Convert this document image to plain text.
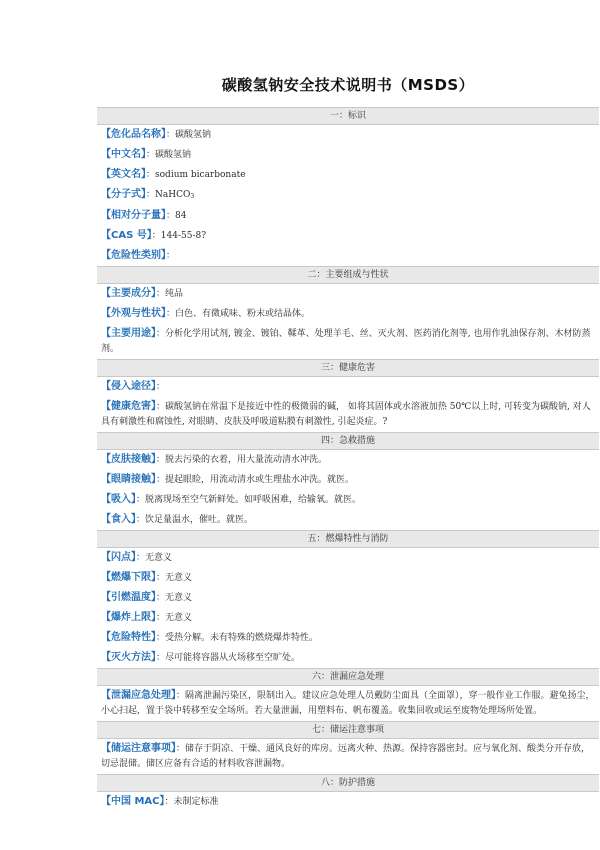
碳酸氢钠安全技术说明书（MSDS）
一：标识
【危化品名称】：碳酸氢钠
【中文名】：碳酸氢钠
【英文名】：sodium bicarbonate
【分子式】：NaHCO3
【相对分子量】：84
【CAS 号】：144-55-8?
【危险性类别】：
二：主要组成与性状
【主要成分】：纯品
【外观与性状】：白色、有微咸味、粉末或结晶体。
【主要用途】：分析化学用试剂, 镀金、镀铂、鞣革、处理羊毛、丝、灭火剂、医药消化剂等, 也用作乳油保存剂、木材防蒸剂。
三：健康危害
【侵入途径】：
【健康危害】：碳酸氢钠在常温下是接近中性的极微弱的碱， 如将其固体或水溶液加热 50℃以上时, 可转变为碳酸钠, 对人具有刺激性和腐蚀性, 对眼睛、皮肤及呼吸道粘膜有刺激性, 引起炎症。?
四：急救措施
【皮肤接触】：脱去污染的衣着，用大量流动清水冲洗。
【眼睛接触】：提起眼睑，用流动清水或生理盐水冲洗。就医。
【吸入】：脱离现场至空气新鲜处。如呼吸困难，给输氧。就医。
【食入】：饮足量温水，催吐。就医。
五：燃爆特性与消防
【闪点】：无意义
【燃爆下限】：无意义
【引燃温度】：无意义
【爆炸上限】：无意义
【危险特性】：受热分解。未有特殊的燃烧爆炸特性。
【灭火方法】：尽可能将容器从火场移至空旷处。
六：泄漏应急处理
【泄漏应急处理】：隔离泄漏污染区，限制出入。建议应急处理人员戴防尘面具（全面罩），穿一般作业工作服。避免扬尘，小心扫起，置于袋中转移至安全场所。若大量泄漏，用塑料布、帆布覆盖。收集回收或运至废物处理场所处置。
七：储运注意事项
【储运注意事项】：储存于阴凉、干燥、通风良好的库房。远离火种、热源。保持容器密封。应与氧化剂、酸类分开存放，切忌混储。储区应备有合适的材料收容泄漏物。
八：防护措施
【中国 MAC】：未制定标准
